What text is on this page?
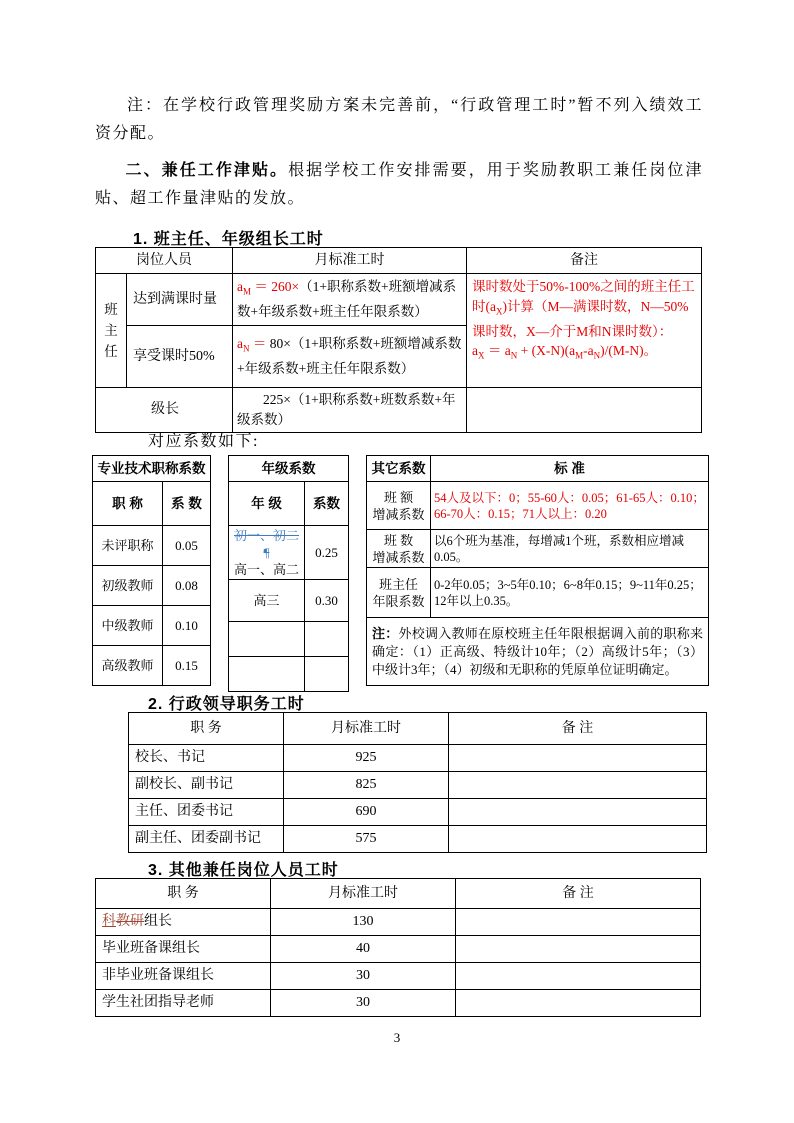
注：在学校行政管理奖励方案未完善前，“行政管理工时”暂不列入绩效工资分配。
二、兼任工作津贴。根据学校工作安排需要，用于奖励教职工兼任岗位津贴、超工作量津贴的发放。
1. 班主任、年级组长工时
岗位人员		月标准工时	备注
班主任	达到满课时量	$a_M = 260\times(1+$职称系数+班额增减系数+年级系数+班主任年限系数）	课时数处于50%-100%之间的班主任工时$(a_X)$计算（M—满课时数，N—50%课时数，X—介于M和N课时数）：
$a_X = a_N + (X-N)(a_M-a_N)/(M-N)$。
	享受课时50%	$a_N = 80\times(1+$职称系数+班额增减系数+年级系数+班主任年限系数）	
级长		225×（1+职称系数+班数系数+年级系数）	
对应系数如下:
专业技术职称系数	
职 称	系 数
未评职称	0.05
初级教师	0.08
中级教师	0.10
高级教师	0.15
年级系数	
年 级	系数
初一、初二¶
高一、高二	0.25
高三	0.30

其它系数	标 准
班 额
增减系数	54人及以下：0；55-60人：0.05；61-65人：0.10；66-70人：0.15；71人以上：0.20
班 数
增减系数	以6个班为基准，每增减1个班，系数相应增减0.05。
班主任
年限系数	0-2年0.05；3~5年0.10；6~8年0.15；9~11年0.25；12年以上0.35。
注：外校调入教师在原校班主任年限根据调入前的职称来确定：（1）正高级、特级计10年；（2）高级计5年；（3）中级计3年；（4）初级和无职称的凭原单位证明确定。	
2. 行政领导职务工时
职 务	月标准工时	备 注
校长、书记	925	
副校长、副书记	825	
主任、团委书记	690	
副主任、团委副书记	575	
3. 其他兼任岗位人员工时
职 务	月标准工时	备 注
科教研组长	130	
毕业班备课组长	40	
非毕业班备课组长	30	
学生社团指导老师	30	
3
